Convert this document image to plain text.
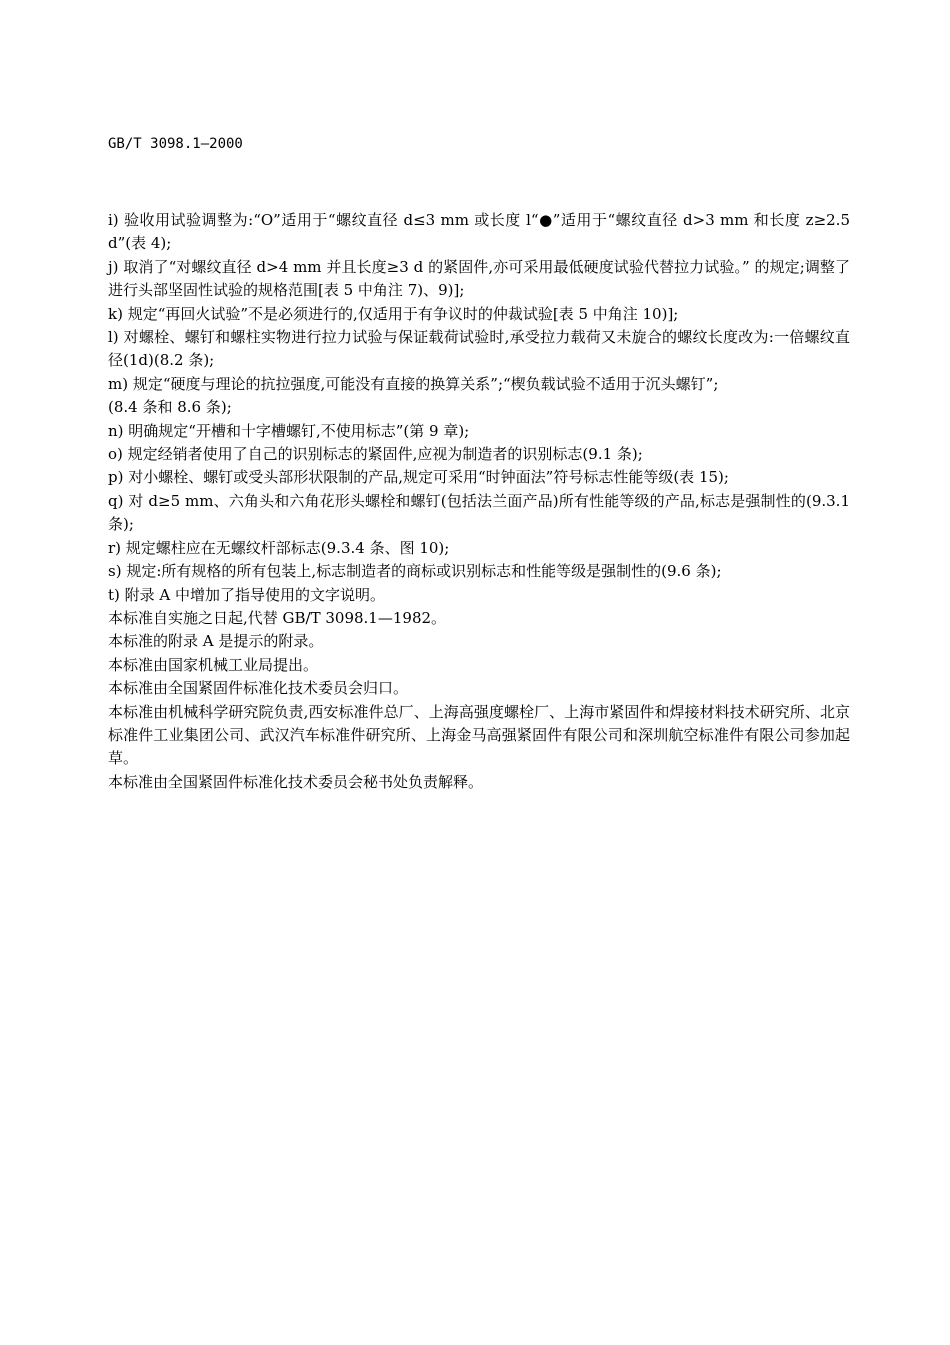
GB/T 3098.1—2000

i) 验收用试验调整为:“O”适用于“螺纹直径 d≤3 mm 或长度 l“●”适用于“螺纹直径 d>3 mm 和长度 z≥2.5 d”(表 4);

j) 取消了“对螺纹直径 d>4 mm 并且长度≥3 d 的紧固件,亦可采用最低硬度试验代替拉力试验。” 的规定;调整了进行头部坚固性试验的规格范围[表 5 中角注 7)、9)];

k) 规定“再回火试验”不是必须进行的,仅适用于有争议时的仲裁试验[表 5 中角注 10)];

l) 对螺栓、螺钉和螺柱实物进行拉力试验与保证载荷试验时,承受拉力载荷又未旋合的螺纹长度改为:一倍螺纹直径(1d)(8.2 条);

m) 规定“硬度与理论的抗拉强度,可能没有直接的换算关系”;“楔负载试验不适用于沉头螺钉”;

(8.4 条和 8.6 条);

n) 明确规定“开槽和十字槽螺钉,不使用标志”(第 9 章);

o) 规定经销者使用了自己的识别标志的紧固件,应视为制造者的识别标志(9.1 条);

p) 对小螺栓、螺钉或受头部形状限制的产品,规定可采用“时钟面法”符号标志性能等级(表 15);

q) 对 d≥5 mm、六角头和六角花形头螺栓和螺钉(包括法兰面产品)所有性能等级的产品,标志是强制性的(9.3.1 条);

r) 规定螺柱应在无螺纹杆部标志(9.3.4 条、图 10);

s) 规定:所有规格的所有包装上,标志制造者的商标或识别标志和性能等级是强制性的(9.6 条);

t) 附录 A 中增加了指导使用的文字说明。

本标准自实施之日起,代替 GB/T 3098.1—1982。

本标准的附录 A 是提示的附录。

本标准由国家机械工业局提出。

本标准由全国紧固件标准化技术委员会归口。

本标准由机械科学研究院负责,西安标准件总厂、上海高强度螺栓厂、上海市紧固件和焊接材料技术研究所、北京标准件工业集团公司、武汉汽车标准件研究所、上海金马高强紧固件有限公司和深圳航空标准件有限公司参加起草。

本标准由全国紧固件标准化技术委员会秘书处负责解释。
